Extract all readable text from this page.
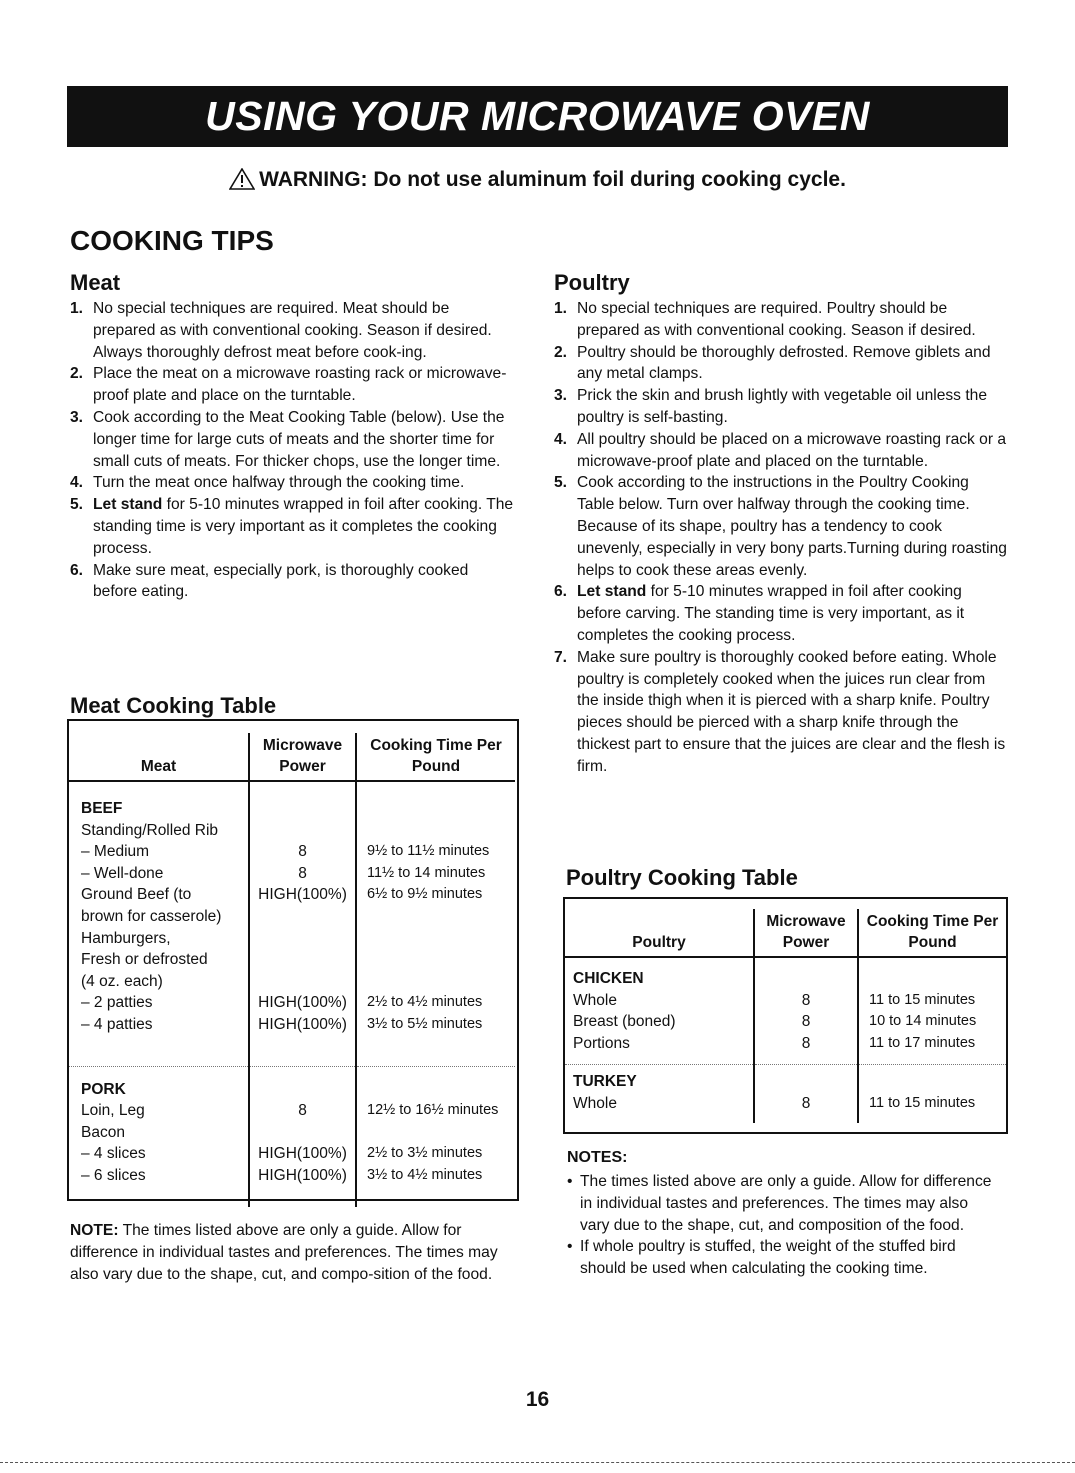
USING YOUR MICROWAVE OVEN
WARNING: Do not use aluminum foil during cooking cycle.
COOKING TIPS
Meat
1. No special techniques are required. Meat should be prepared as with conventional cooking. Season if desired. Always thoroughly defrost meat before cook-ing.
2. Place the meat on a microwave roasting rack or microwave-proof plate and place on the turntable.
3. Cook according to the Meat Cooking Table (below). Use the longer time for large cuts of meats and the shorter time for small cuts of meats. For thicker chops, use the longer time.
4. Turn the meat once halfway through the cooking time.
5. Let stand for 5-10 minutes wrapped in foil after cooking. The standing time is very important as it completes the cooking process.
6. Make sure meat, especially pork, is thoroughly cooked before eating.
Meat Cooking Table
Meat	Microwave Power	Cooking Time Per Pound
BEEF		
Standing/Rolled Rib		
– Medium	8	9½ to 11½ minutes
– Well-done	8	11½ to 14 minutes
Ground Beef (to	HIGH(100%)	6½ to 9½ minutes
brown for casserole)		
Hamburgers,		
Fresh or defrosted		
(4 oz. each)		
– 2 patties	HIGH(100%)	2½ to 4½ minutes
– 4 patties	HIGH(100%)	3½ to 5½ minutes
PORK		
Loin, Leg	8	12½ to 16½ minutes
Bacon		
– 4 slices	HIGH(100%)	2½ to 3½ minutes
– 6 slices	HIGH(100%)	3½ to 4½ minutes
NOTE: The times listed above are only a guide. Allow for difference in individual tastes and preferences. The times may also vary due to the shape, cut, and compo-sition of the food.
Poultry
1. No special techniques are required. Poultry should be prepared as with conventional cooking. Season if desired.
2. Poultry should be thoroughly defrosted. Remove giblets and any metal clamps.
3. Prick the skin and brush lightly with vegetable oil unless the poultry is self-basting.
4. All poultry should be placed on a microwave roasting rack or a microwave-proof plate and placed on the turntable.
5. Cook according to the instructions in the Poultry Cooking Table below. Turn over halfway through the cooking time. Because of its shape, poultry has a tendency to cook unevenly, especially in very bony parts.Turning during roasting helps to cook these areas evenly.
6. Let stand for 5-10 minutes wrapped in foil after cooking before carving. The standing time is very important, as it completes the cooking process.
7. Make sure poultry is thoroughly cooked before eating. Whole poultry is completely cooked when the juices run clear from the inside thigh when it is pierced with a sharp knife. Poultry pieces should be pierced with a sharp knife through the thickest part to ensure that the juices are clear and the flesh is firm.
Poultry Cooking Table
Poultry	Microwave Power	Cooking Time Per Pound
CHICKEN		
Whole	8	11 to 15 minutes
Breast (boned)	8	10 to 14 minutes
Portions	8	11 to 17 minutes
TURKEY		
Whole	8	11 to 15 minutes
NOTES:
• The times listed above are only a guide. Allow for difference in individual tastes and preferences. The times may also vary due to the shape, cut, and composition of the food.
• If whole poultry is stuffed, the weight of the stuffed bird should be used when calculating the cooking time.
16
